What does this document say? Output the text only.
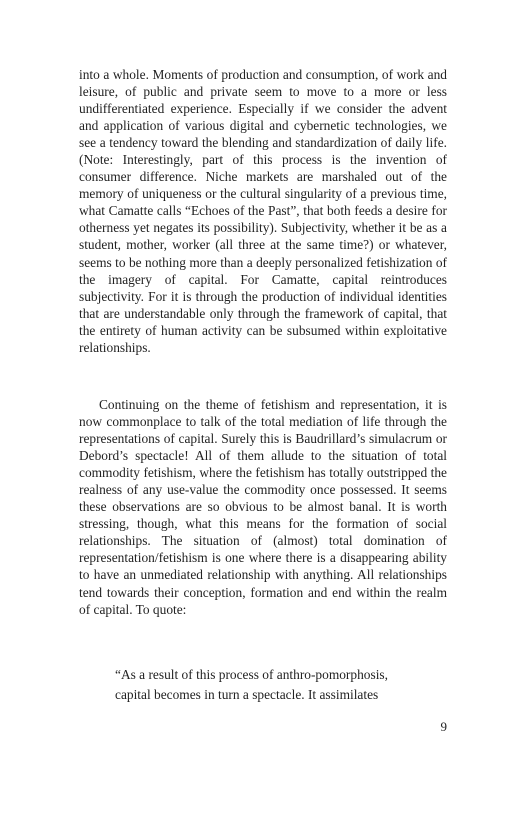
into a whole. Moments of production and consumption, of work and leisure, of public and private seem to move to a more or less undifferentiated experience. Especially if we consider the advent and application of various digital and cybernetic technologies, we see a tendency toward the blending and standardization of daily life. (Note: Interestingly, part of this process is the invention of consumer difference. Niche markets are marshaled out of the memory of uniqueness or the cultural singularity of a previous time, what Camatte calls “Echoes of the Past”, that both feeds a desire for otherness yet negates its possibility). Subjectivity, whether it be as a student, mother, worker (all three at the same time?) or whatever, seems to be nothing more than a deeply personalized fetishization of the imagery of capital. For Camatte, capital reintroduces subjectivity. For it is through the production of individual identities that are understandable only through the framework of capital, that the entirety of human activity can be subsumed within exploitative relationships.

Continuing on the theme of fetishism and representation, it is now commonplace to talk of the total mediation of life through the representations of capital. Surely this is Baudrillard’s simulacrum or Debord’s spectacle! All of them allude to the situation of total commodity fetishism, where the fetishism has totally outstripped the realness of any use-value the commodity once possessed. It seems these observations are so obvious to be almost banal. It is worth stressing, though, what this means for the formation of social relationships. The situation of (almost) total domination of representation/fetishism is one where there is a disappearing ability to have an unmediated relationship with anything. All relationships tend towards their conception, formation and end within the realm of capital. To quote:

“As a result of this process of anthro-pomorphosis,
capital becomes in turn a spectacle. It assimilates
9
